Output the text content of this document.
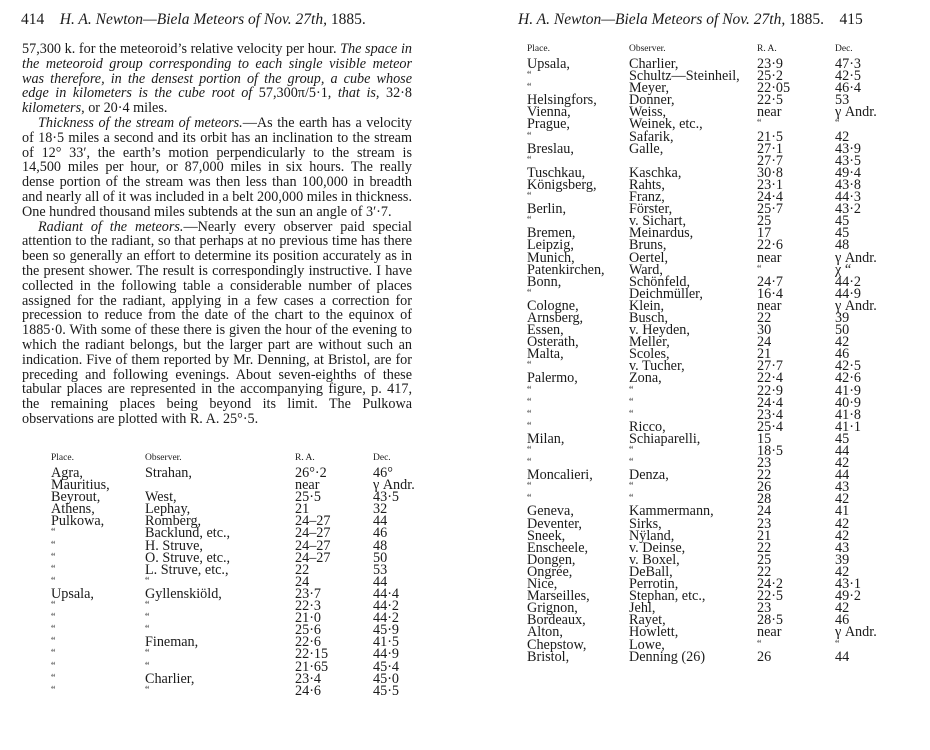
414 H. A. Newton—Biela Meteors of Nov. 27th, 1885.

57,300 k. for the meteoroid’s relative velocity per hour. The space in the meteoroid group corresponding to each single visible meteor was therefore, in the densest portion of the group, a cube whose edge in kilometers is the cube root of 57,300π/5·1, that is, 32·8 kilometers, or 20·4 miles.

Thickness of the stream of meteors.—As the earth has a velocity of 18·5 miles a second and its orbit has an inclination to the stream of 12° 33′, the earth’s motion perpendicularly to the stream is 14,500 miles per hour, or 87,000 miles in six hours. The really dense portion of the stream was then less than 100,000 in breadth and nearly all of it was included in a belt 200,000 miles in thickness. One hundred thousand miles subtends at the sun an angle of 3′·7.

Radiant of the meteors.—Nearly every observer paid special attention to the radiant, so that perhaps at no previous time has there been so generally an effort to determine its position accurately as in the present shower. The result is correspondingly instructive. I have collected in the following table a considerable number of places assigned for the radiant, applying in a few cases a correction for precession to reduce from the date of the chart to the equinox of 1885·0. With some of these there is given the hour of the evening to which the radiant belongs, but the larger part are without such an indication. Five of them reported by Mr. Denning, at Bristol, are for preceding and following evenings. About seven-eighths of these tabular places are represented in the accompanying figure, p. 417, the remaining places being beyond its limit. The Pulkowa observations are plotted with R. A. 25°·5.

Place.	Observer.	R. A.	Dec.
Agra,	Strahan,	26°·2	46°
Mauritius,		near	γ Andr.
Beyrout,	West,	25·5	43·5
Athens,	Lephay,	21	32
Pulkowa,	Romberg,	24–27	44
“	Backlund, etc.,	24–27	46
“	H. Struve,	24–27	48
“	O. Struve, etc.,	24–27	50
“	L. Struve, etc.,	22	53
“	“	24	44
Upsala,	Gyllenskiöld,	23·7	44·4
“	“	22·3	44·2
“	“	21·0	44·2
“	“	25·6	45·9
“	Fineman,	22·6	41·5
“	“	22·15	44·9
“	“	21·65	45·4
“	Charlier,	23·4	45·0
“	“	24·6	45·5
H. A. Newton—Biela Meteors of Nov. 27th, 1885. 415
Place.	Observer.	R. A.	Dec.
Upsala,	Charlier,	23·9	47·3
“	Schultz—Steinheil,	25·2	42·5
“	Meyer,	22·05	46·4
Helsingfors,	Donner,	22·5	53
Vienna,	Weiss,	near	γ Andr.
Prague,	Weinek, etc.,	“	“
“	Safarik,	21·5	42
Breslau,	Galle,	27·1	43·9
“		27·7	43·5
Tuschkau,	Kaschka,	30·8	49·4
Königsberg,	Rahts,	23·1	43·8
“	Franz,	24·4	44·3
Berlin,	Förster,	25·7	43·2
“	v. Sichart,	25	45
Bremen,	Meinardus,	17	45
Leipzig,	Bruns,	22·6	48
Munich,	Oertel,	near	γ Andr.
Patenkirchen,	Ward,	“	χ “
Bonn,	Schönfeld,	24·7	44·2
“	Deichmüller,	16·4	44·9
Cologne,	Klein,	near	γ Andr.
Arnsberg,	Busch,	22	39
Essen,	v. Heyden,	30	50
Osterath,	Meller,	24	42
Malta,	Scoles,	21	46
“	v. Tucher,	27·7	42·5
Palermo,	Zona,	22·4	42·6
“	“	22·9	41·9
“	“	24·4	40·9
“	“	23·4	41·8
“	Ricco,	25·4	41·1
Milan,	Schiaparelli,	15	45
“	“	18·5	44
“	“	23	42
Moncalieri,	Denza,	22	44
“	“	26	43
“	“	28	42
Geneva,	Kammermann,	24	41
Deventer,	Sirks,	23	42
Sneek,	Nÿland,	21	42
Enscheele,	v. Deinse,	22	43
Dongen,	v. Boxel,	25	39
Ongrée,	DeBall,	22	42
Nice,	Perrotin,	24·2	43·1
Marseilles,	Stephan, etc.,	22·5	49·2
Grignon,	Jehl,	23	42
Bordeaux,	Rayet,	28·5	46
Alton,	Howlett,	near	γ Andr.
Chepstow,	Lowe,	“	“
Bristol,	Denning (26)	26	44
